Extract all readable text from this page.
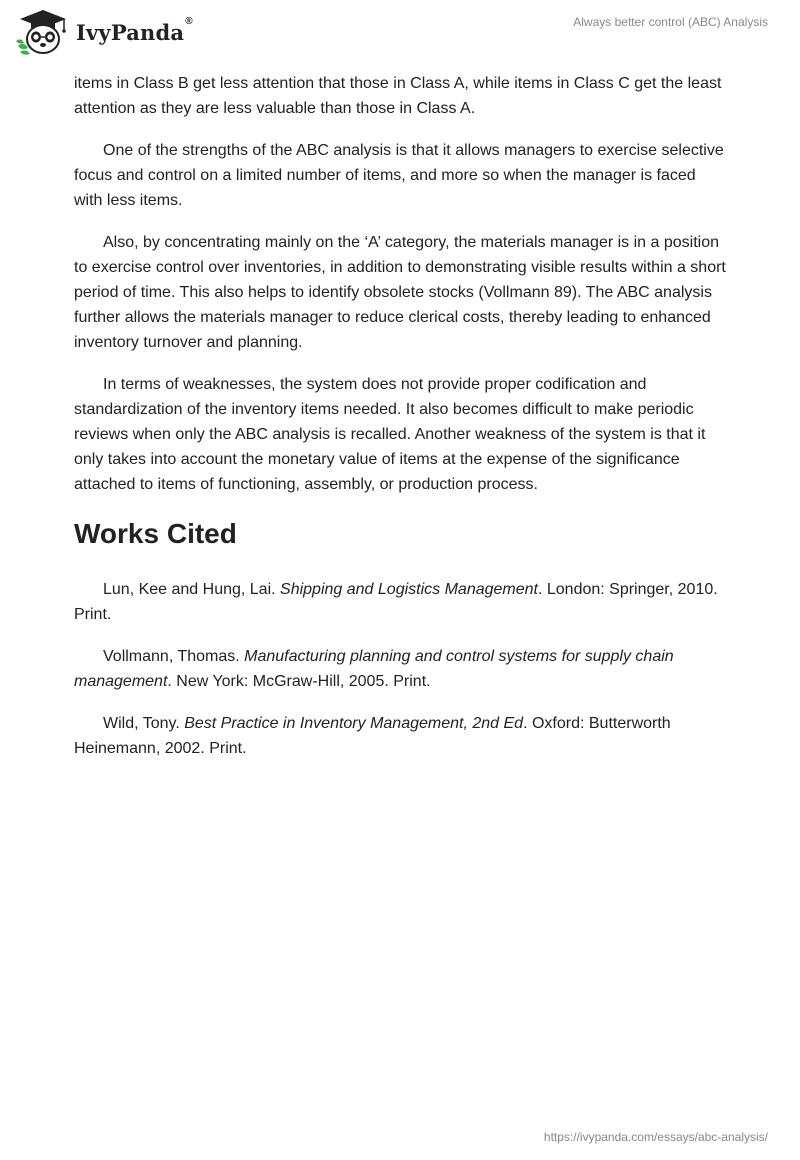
IvyPanda®	Always better control (ABC) Analysis

items in Class B get less attention that those in Class A, while items in Class C get the least attention as they are less valuable than those in Class A.

One of the strengths of the ABC analysis is that it allows managers to exercise selective focus and control on a limited number of items, and more so when the manager is faced with less items.

Also, by concentrating mainly on the ‘A’ category, the materials manager is in a position to exercise control over inventories, in addition to demonstrating visible results within a short period of time. This also helps to identify obsolete stocks (Vollmann 89). The ABC analysis further allows the materials manager to reduce clerical costs, thereby leading to enhanced inventory turnover and planning.

In terms of weaknesses, the system does not provide proper codification and standardization of the inventory items needed. It also becomes difficult to make periodic reviews when only the ABC analysis is recalled. Another weakness of the system is that it only takes into account the monetary value of items at the expense of the significance attached to items of functioning, assembly, or production process.

Works Cited

Lun, Kee and Hung, Lai. Shipping and Logistics Management. London: Springer, 2010. Print.

Vollmann, Thomas. Manufacturing planning and control systems for supply chain management. New York: McGraw-Hill, 2005. Print.

Wild, Tony. Best Practice in Inventory Management, 2nd Ed. Oxford: Butterworth Heinemann, 2002. Print.

https://ivypanda.com/essays/abc-analysis/
